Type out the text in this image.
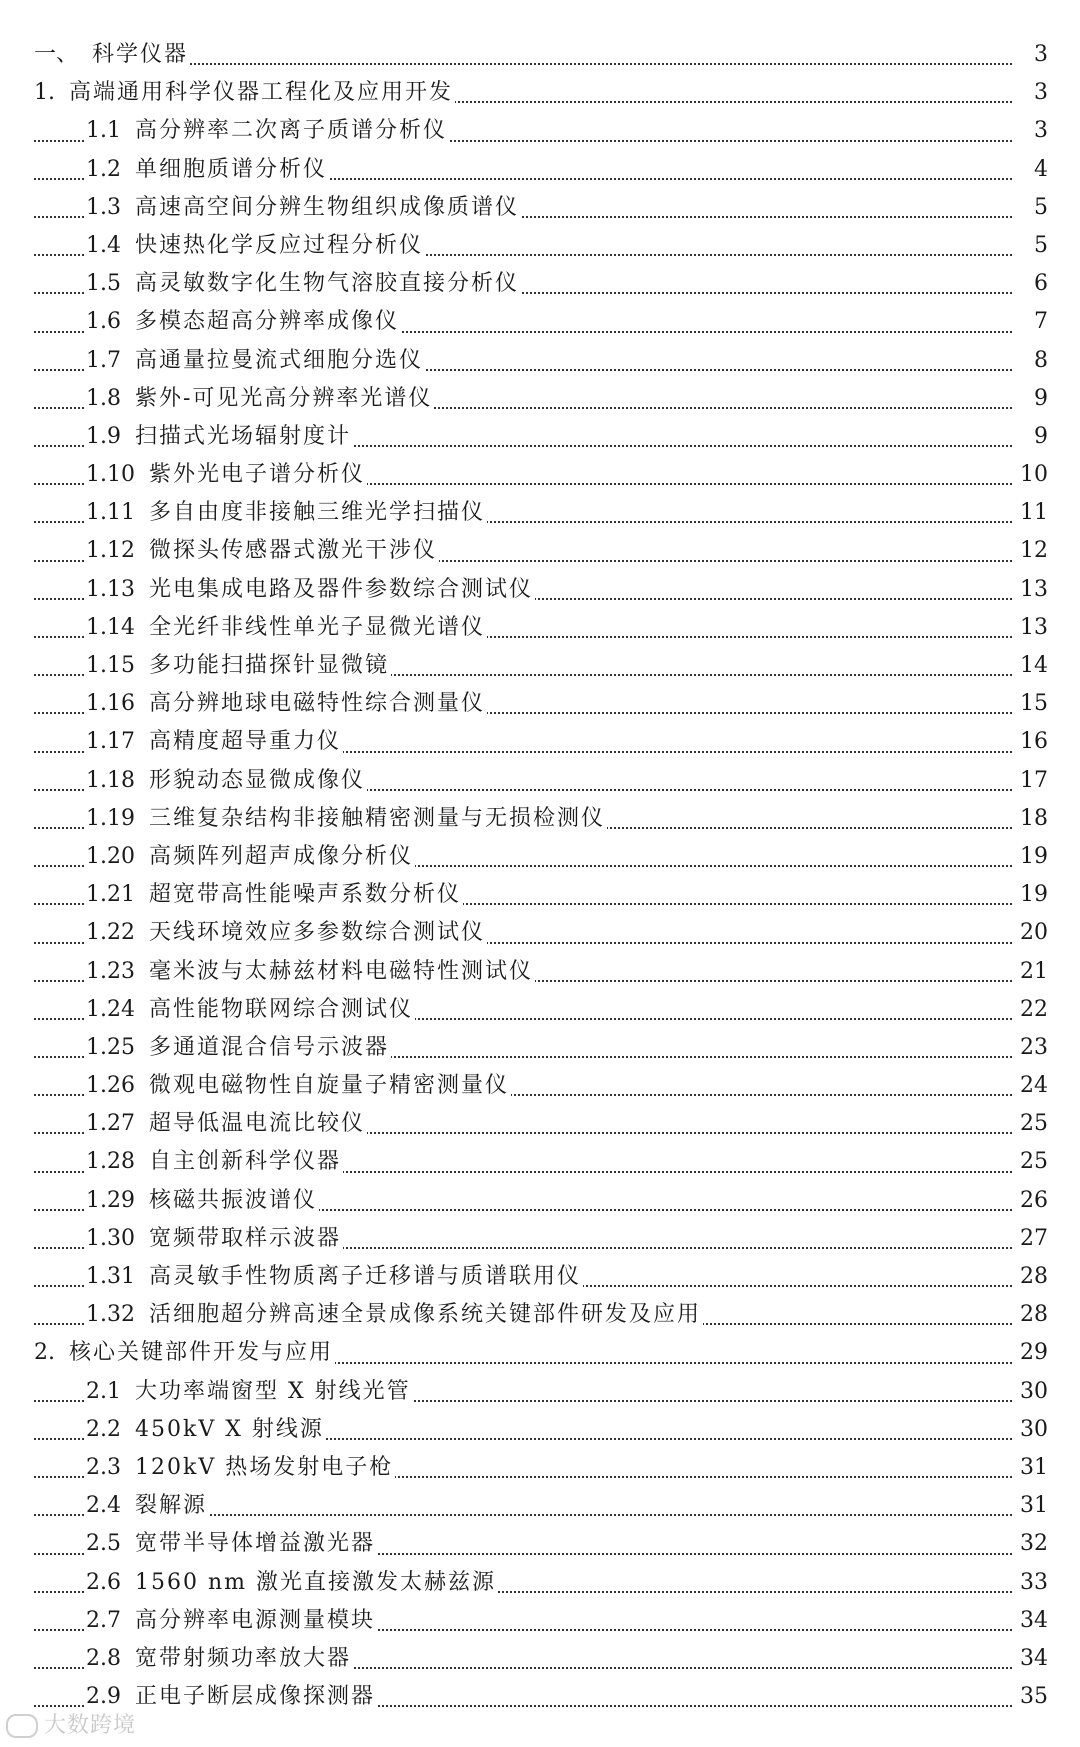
一、 科学仪器	3
1. 高端通用科学仪器工程化及应用开发	3
1.1 高分辨率二次离子质谱分析仪	3
1.2 单细胞质谱分析仪	4
1.3 高速高空间分辨生物组织成像质谱仪	5
1.4 快速热化学反应过程分析仪	5
1.5 高灵敏数字化生物气溶胶直接分析仪	6
1.6 多模态超高分辨率成像仪	7
1.7 高通量拉曼流式细胞分选仪	8
1.8 紫外-可见光高分辨率光谱仪	9
1.9 扫描式光场辐射度计	9
1.10 紫外光电子谱分析仪	10
1.11 多自由度非接触三维光学扫描仪	11
1.12 微探头传感器式激光干涉仪	12
1.13 光电集成电路及器件参数综合测试仪	13
1.14 全光纤非线性单光子显微光谱仪	13
1.15 多功能扫描探针显微镜	14
1.16 高分辨地球电磁特性综合测量仪	15
1.17 高精度超导重力仪	16
1.18 形貌动态显微成像仪	17
1.19 三维复杂结构非接触精密测量与无损检测仪	18
1.20 高频阵列超声成像分析仪	19
1.21 超宽带高性能噪声系数分析仪	19
1.22 天线环境效应多参数综合测试仪	20
1.23 毫米波与太赫兹材料电磁特性测试仪	21
1.24 高性能物联网综合测试仪	22
1.25 多通道混合信号示波器	23
1.26 微观电磁物性自旋量子精密测量仪	24
1.27 超导低温电流比较仪	25
1.28 自主创新科学仪器	25
1.29 核磁共振波谱仪	26
1.30 宽频带取样示波器	27
1.31 高灵敏手性物质离子迁移谱与质谱联用仪	28
1.32 活细胞超分辨高速全景成像系统关键部件研发及应用	28
2. 核心关键部件开发与应用	29
2.1 大功率端窗型 X 射线光管	30
2.2 450kV X 射线源	30
2.3 120kV 热场发射电子枪	31
2.4 裂解源	31
2.5 宽带半导体增益激光器	32
2.6 1560 nm 激光直接激发太赫兹源	33
2.7 高分辨率电源测量模块	34
2.8 宽带射频功率放大器	34
2.9 正电子断层成像探测器	35
大数跨境
